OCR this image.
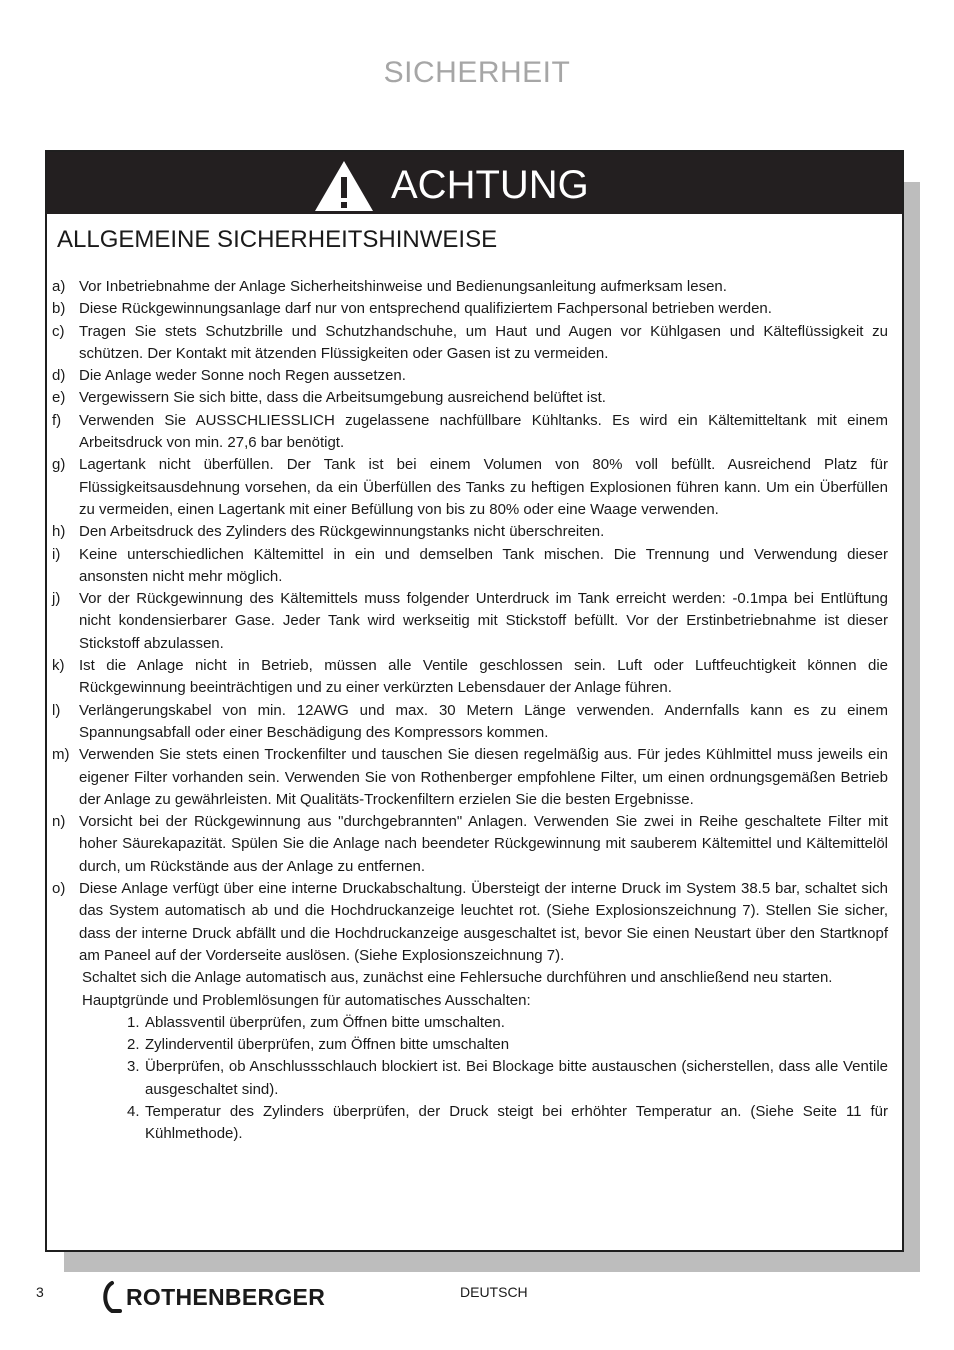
SICHERHEIT
ACHTUNG
ALLGEMEINE SICHERHEITSHINWEISE
a) Vor Inbetriebnahme der Anlage Sicherheitshinweise und Bedienungsanleitung aufmerksam lesen.
b) Diese Rückgewinnungsanlage darf nur von entsprechend qualifiziertem Fachpersonal betrieben werden.
c) Tragen Sie stets Schutzbrille und Schutzhandschuhe, um Haut und Augen vor Kühlgasen und Kälteflüssigkeit zu schützen. Der Kontakt mit ätzenden Flüssigkeiten oder Gasen ist zu vermeiden.
d) Die Anlage weder Sonne noch Regen aussetzen.
e) Vergewissern Sie sich bitte, dass die Arbeitsumgebung ausreichend belüftet ist.
f)	Verwenden Sie AUSSCHLIESSLICH zugelassene nachfüllbare Kühltanks. Es wird ein Kältemitteltank mit einem Arbeitsdruck von min. 27,6 bar benötigt.
g) Lagertank nicht überfüllen. Der Tank ist bei einem Volumen von 80% voll befüllt. Ausreichend Platz für Flüssigkeitsausdehnung vorsehen, da ein Überfüllen des Tanks zu heftigen Explosionen führen kann. Um ein Überfüllen zu vermeiden, einen Lagertank mit einer Befüllung von bis zu 80% oder eine Waage verwenden.
h) Den Arbeitsdruck des Zylinders des Rückgewinnungstanks nicht überschreiten.
i)	Keine unterschiedlichen Kältemittel in ein und demselben Tank mischen. Die Trennung und Verwendung dieser ansonsten nicht mehr möglich.
j)	Vor der Rückgewinnung des Kältemittels muss folgender Unterdruck im Tank erreicht werden: -0.1mpa bei Entlüftung nicht kondensierbarer Gase. Jeder Tank wird werkseitig mit Stickstoff befüllt. Vor der Erstinbetriebnahme ist dieser Stickstoff abzulassen.
k) Ist die Anlage nicht in Betrieb, müssen alle Ventile geschlossen sein. Luft oder Luftfeuchtigkeit können die Rückgewinnung beeinträchtigen und zu einer verkürzten Lebensdauer der Anlage führen.
l)	Verlängerungskabel von min. 12AWG und max. 30 Metern Länge verwenden. Andernfalls kann es zu einem Spannungsabfall oder einer Beschädigung des Kompressors kommen.
m) Verwenden Sie stets einen Trockenfilter und tauschen Sie diesen regelmäßig aus. Für jedes Kühlmittel muss jeweils ein eigener Filter vorhanden sein. Verwenden Sie von Rothenberger empfohlene Filter, um einen ordnungsgemäßen Betrieb der Anlage zu gewährleisten. Mit Qualitäts-Trockenfiltern erzielen Sie die besten Ergebnisse.
n) Vorsicht bei der Rückgewinnung aus "durchgebrannten" Anlagen. Verwenden Sie zwei in Reihe geschaltete Filter mit hoher Säurekapazität. Spülen Sie die Anlage nach beendeter Rückgewinnung mit sauberem Kältemittel und Kältemittelöl durch, um Rückstände aus der Anlage zu entfernen.
o) Diese Anlage verfügt über eine interne Druckabschaltung. Übersteigt der interne Druck im System 38.5 bar, schaltet sich das System automatisch ab und die Hochdruckanzeige leuchtet rot. (Siehe Explosionszeichnung 7). Stellen Sie sicher, dass der interne Druck abfällt und die Hochdruckanzeige ausgeschaltet ist, bevor Sie einen Neustart über den Startknopf am Paneel auf der Vorderseite auslösen. (Siehe Explosionszeichnung 7).
Schaltet sich die Anlage automatisch aus, zunächst eine Fehlersuche durchführen und anschließend neu starten.
Hauptgründe und Problemlösungen für automatisches Ausschalten:
1. Ablassventil überprüfen, zum Öffnen bitte umschalten.
2. Zylinderventil überprüfen, zum Öffnen bitte umschalten
3. Überprüfen, ob Anschlussschlauch blockiert ist. Bei Blockage bitte austauschen (sicherstellen, dass alle Ventile ausgeschaltet sind).
4. Temperatur des Zylinders überprüfen, der Druck steigt bei erhöhter Temperatur an. (Siehe Seite 11 für Kühlmethode).
3	ROTHENBERGER	DEUTSCH
